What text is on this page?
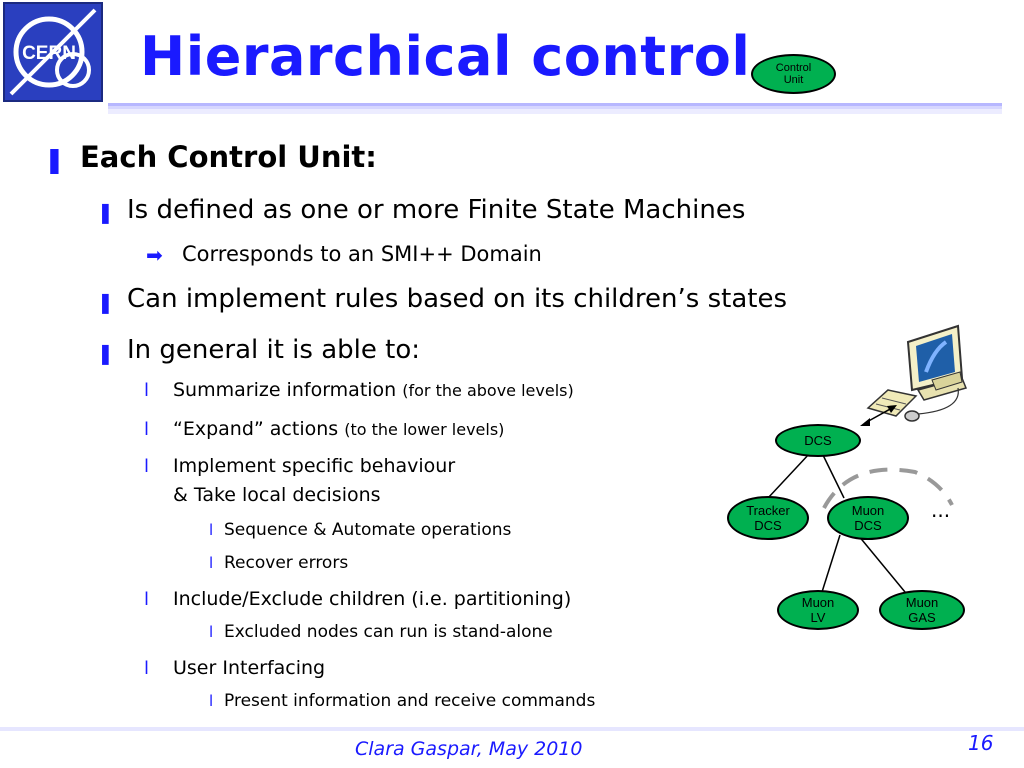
CERN Hierarchical control Control
Unit
❚ Each Control Unit:
❚ Is defined as one or more Finite State Machines
➡ Corresponds to an SMI++ Domain
❚ Can implement rules based on its children’s states
❚ In general it is able to:
l Summarize information (for the above levels)
l “Expand” actions (to the lower levels)
l Implement specific behaviour
& Take local decisions
l Sequence & Automate operations
l Recover errors
l Include/Exclude children (i.e. partitioning)
l Excluded nodes can run is stand-alone
l User Interfacing
l Present information and receive commands
DCS
Tracker
DCS
Muon
DCS
...
Muon
LV
Muon
GAS
Clara Gaspar, May 2010	16
